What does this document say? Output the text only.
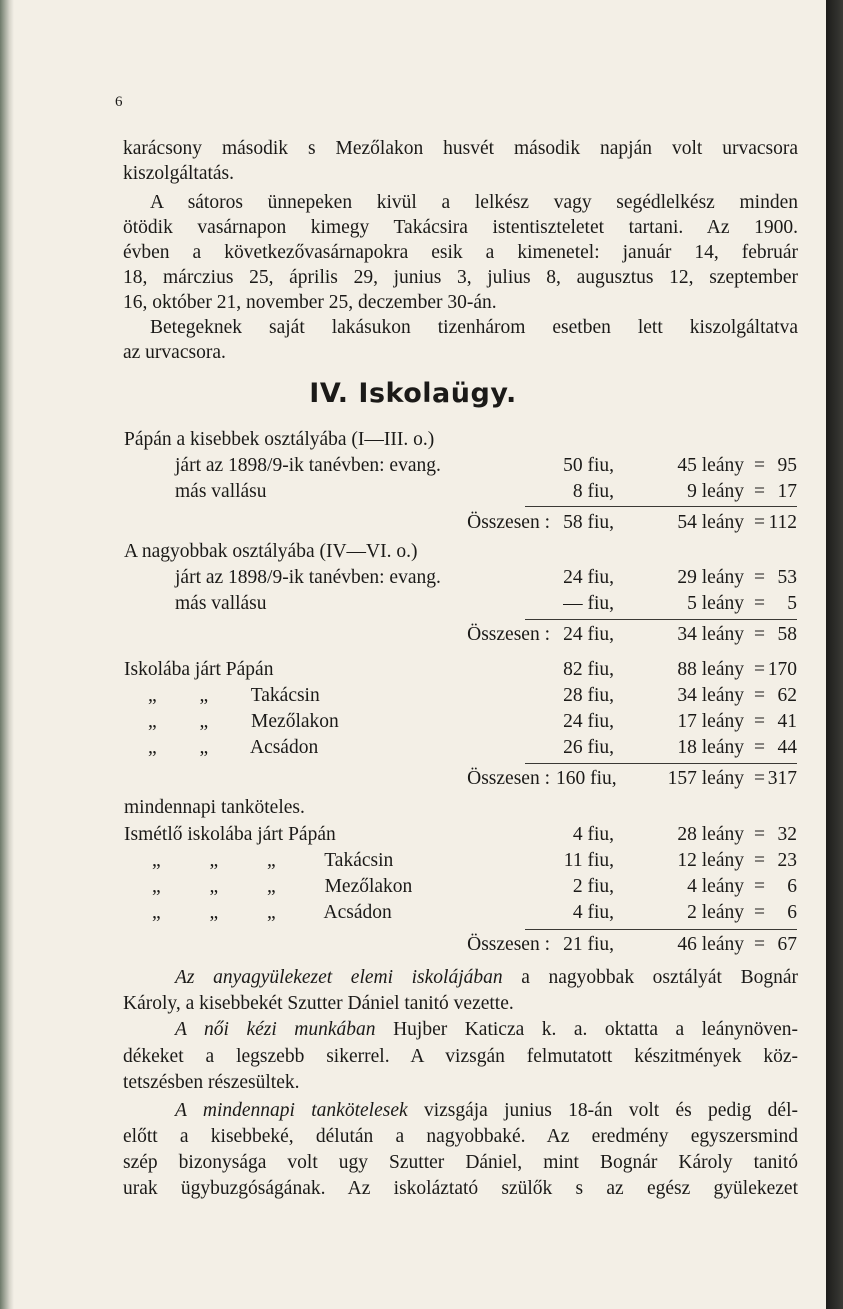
6
karácsony második s Mezőlakon husvét második napján volt urvacsora
kiszolgáltatás.
A sátoros ünnepeken kivül a lelkész vagy segédlelkész minden
ötödik vasárnapon kimegy Takácsira istentiszteletet tartani. Az 1900.
évben a következővasárnapokra esik a kimenetel: január 14, február
18, márczius 25, április 29, junius 3, julius 8, augusztus 12, szeptember
16, október 21, november 25, deczember 30-án.
Betegeknek saját lakásukon tizenhárom esetben lett kiszolgáltatva
az urvacsora.
IV. Iskolaügy.
Pápán a kisebbek osztályába (I—III. o.)
járt az 1898/9-ik tanévben: evang.	50 fiu,	45 leány = 95
más vallásu	8 fiu,	9 leány = 17
Összesen : 58 fiu,	54 leány = 112
A nagyobbak osztályába (IV—VI. o.)
járt az 1898/9-ik tanévben: evang.	24 fiu,	29 leány = 53
más vallásu	— fiu,	5 leány =	5
Összesen : 24 fiu,	34 leány = 58
Iskolába járt Pápán	82 fiu,	88 leány = 170
„ „ Takácsin	28 fiu,	34 leány = 62
„ „ Mezőlakon	24 fiu,	17 leány = 41
„ „ Acsádon	26 fiu,	18 leány = 44
Összesen : 160 fiu,	157 leány = 317
mindennapi tanköteles.
Ismétlő iskolába járt Pápán	4 fiu,	28 leány = 32
„ „ „ Takácsin	11 fiu,	12 leány = 23
„ „ „ Mezőlakon	2 fiu,	4 leány =	6
„ „ „ Acsádon	4 fiu,	2 leány =	6
Összesen : 21 fiu,	46 leány = 67
Az anyagyülekezet elemi iskolájában a nagyobbak osztályát Bognár
Károly, a kisebbekét Szutter Dániel tanitó vezette.
A női kézi munkában Hujber Katicza k. a. oktatta a leánynöven-
dékeket a legszebb sikerrel. A vizsgán felmutatott készitmények köz-
tetszésben részesültek.
A mindennapi tankötelesek vizsgája junius 18-án volt és pedig dél-
előtt a kisebbeké, délután a nagyobbaké. Az eredmény egyszersmind
szép bizonysága volt ugy Szutter Dániel, mint Bognár Károly tanitó
urak ügybuzgóságának. Az iskoláztató szülők s az egész gyülekezet
